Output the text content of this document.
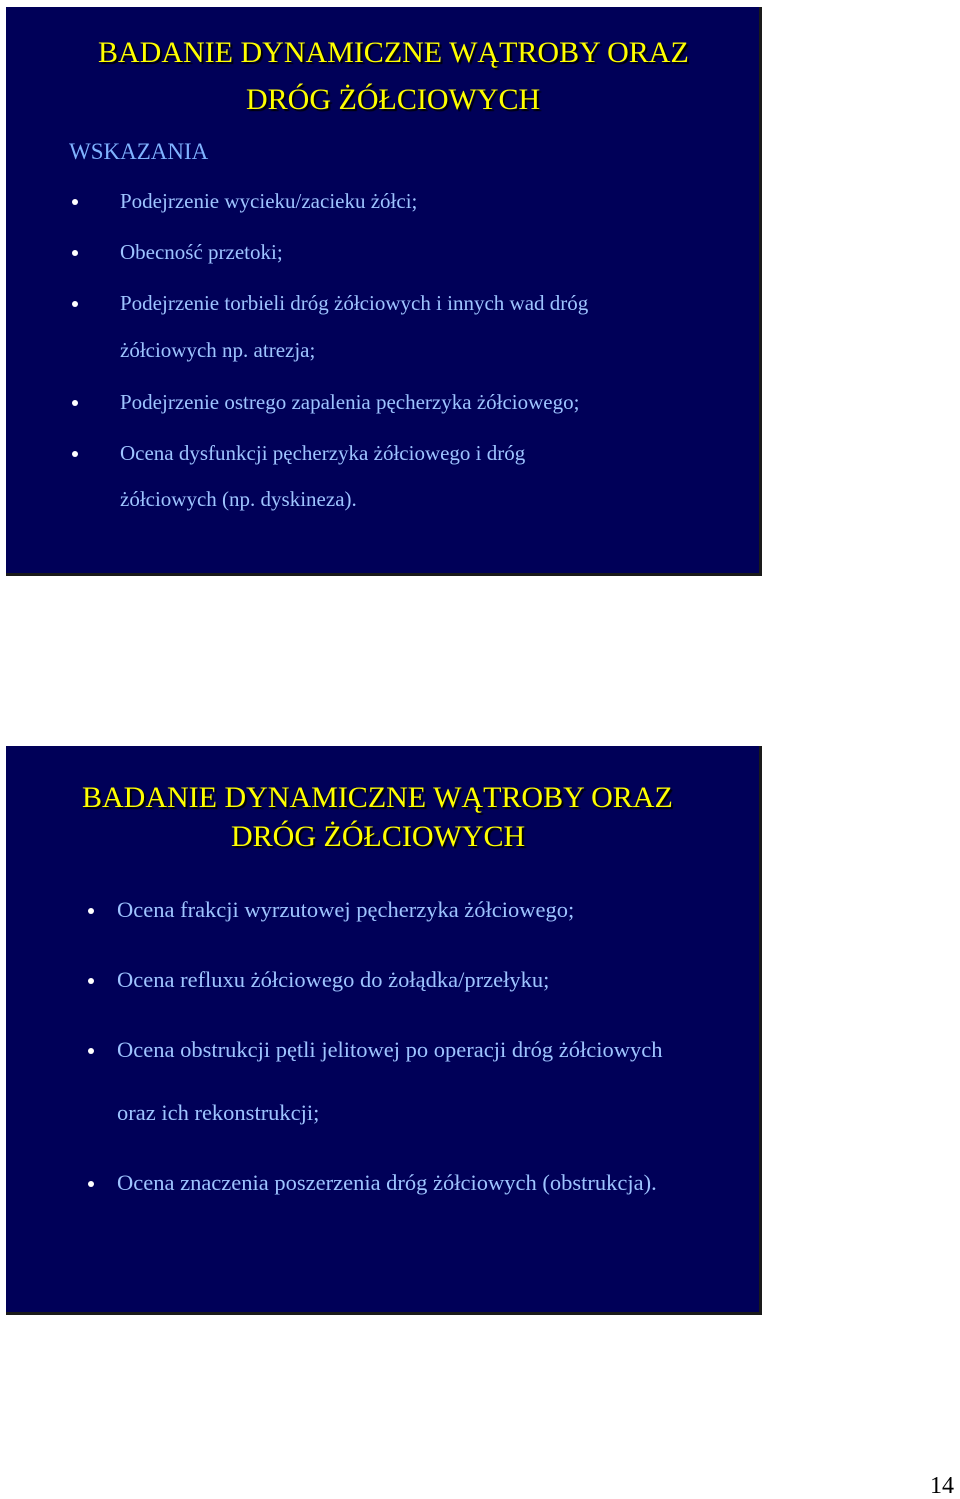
BADANIE DYNAMICZNE WĄTROBY ORAZ
DRÓG ŻÓŁCIOWYCH
WSKAZANIA
Podejrzenie wycieku/zacieku żółci;
Obecność przetoki;
Podejrzenie torbieli dróg żółciowych i innych wad dróg
żółciowych np. atrezja;
Podejrzenie ostrego zapalenia pęcherzyka żółciowego;
Ocena dysfunkcji pęcherzyka żółciowego i dróg
żółciowych (np. dyskineza).
BADANIE DYNAMICZNE WĄTROBY ORAZ
DRÓG ŻÓŁCIOWYCH
Ocena frakcji wyrzutowej pęcherzyka żółciowego;
Ocena refluxu żółciowego do żołądka/przełyku;
Ocena obstrukcji pętli jelitowej po operacji dróg żółciowych
oraz ich rekonstrukcji;
Ocena znaczenia poszerzenia dróg żółciowych (obstrukcja).
14
